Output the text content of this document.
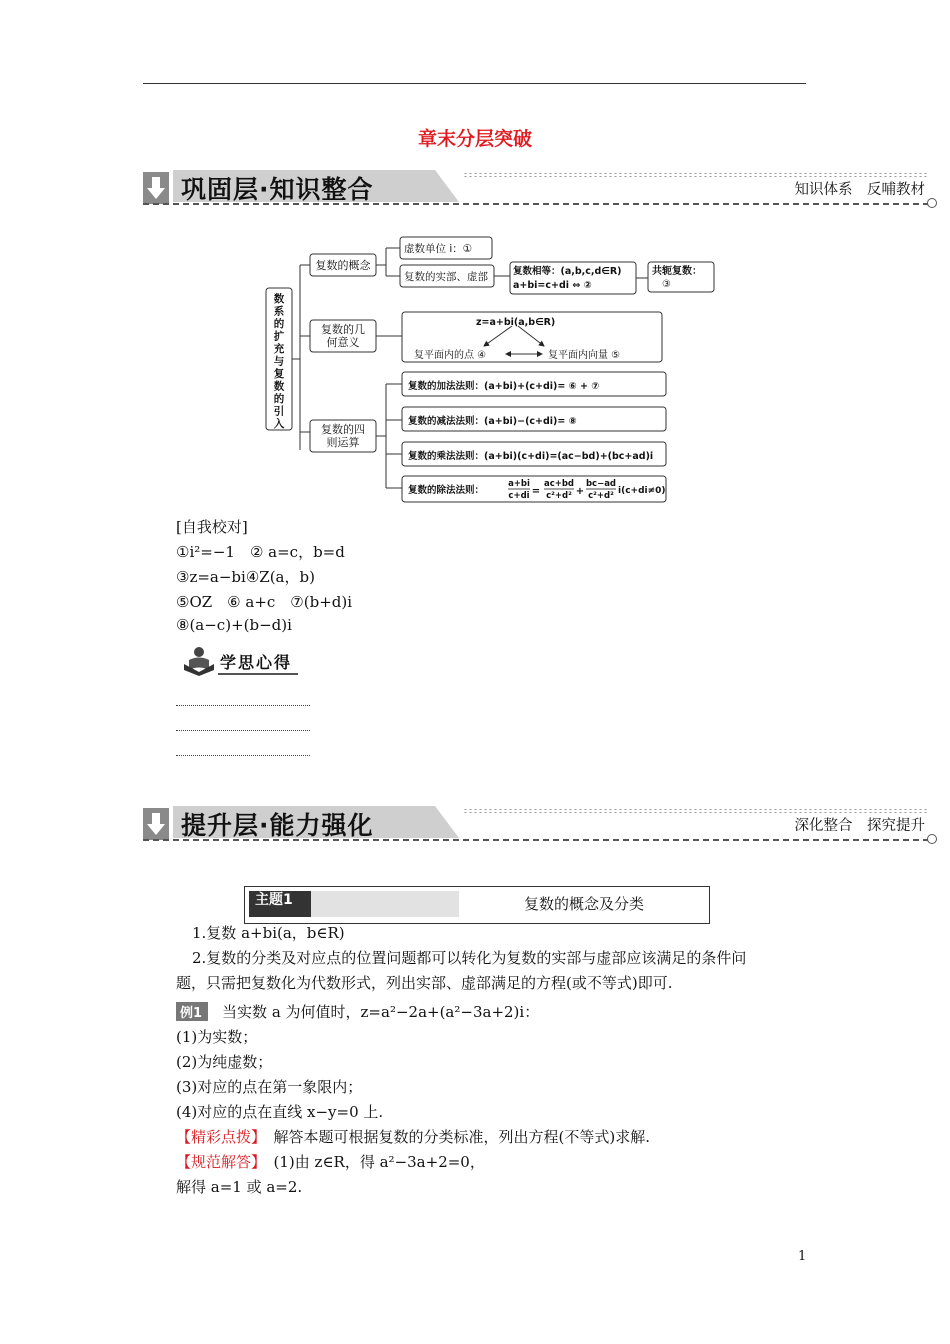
章末分层突破
巩固层·知识整合	知识体系　反哺教材
数系的扩充与复数的引入
复数的概念
复数的几
何意义
复数的四
则运算
虚数单位 i：①
复数的实部、虚部	复数相等：(a,b,c,d∈R)
a+bi=c+di ⇔ ②
共轭复数：
③
z=a+bi(a,b∈R)
复平面内的点 ④	复平面内向量 ⑤
复数的加法法则：(a+bi)+(c+di)= ⑥ + ⑦
复数的减法法则：(a+bi)−(c+di)= ⑧
复数的乘法法则：(a+bi)(c+di)=(ac−bd)+(bc+ad)i
复数的除法法则：
a+bi
c+di =
ac+bd
c²+d² +
bc−ad
c²+d² i(c+di≠0)
[自我校对]
①i²=−1　② a=c，b=d
③z=a−bi④Z(a，b)
⑤OZ　⑥ a+c　⑦(b+d)i
⑧(a−c)+(b−d)i
学思心得
提升层·能力强化	深化整合　探究提升
主题1	复数的概念及分类
1.复数 a+bi(a，b∈R)
2.复数的分类及对应点的位置问题都可以转化为复数的实部与虚部应该满足的条件问
题，只需把复数化为代数形式，列出实部、虚部满足的方程(或不等式)即可.
例1 当实数 a 为何值时，z=a²−2a+(a²−3a+2)i：
(1)为实数；
(2)为纯虚数；
(3)对应的点在第一象限内；
(4)对应的点在直线 x−y=0 上.
【精彩点拨】　 解答本题可根据复数的分类标准，列出方程(不等式)求解.
【规范解答】　 (1)由 z∈R，得 a²−3a+2=0，
解得 a=1 或 a=2.
1
